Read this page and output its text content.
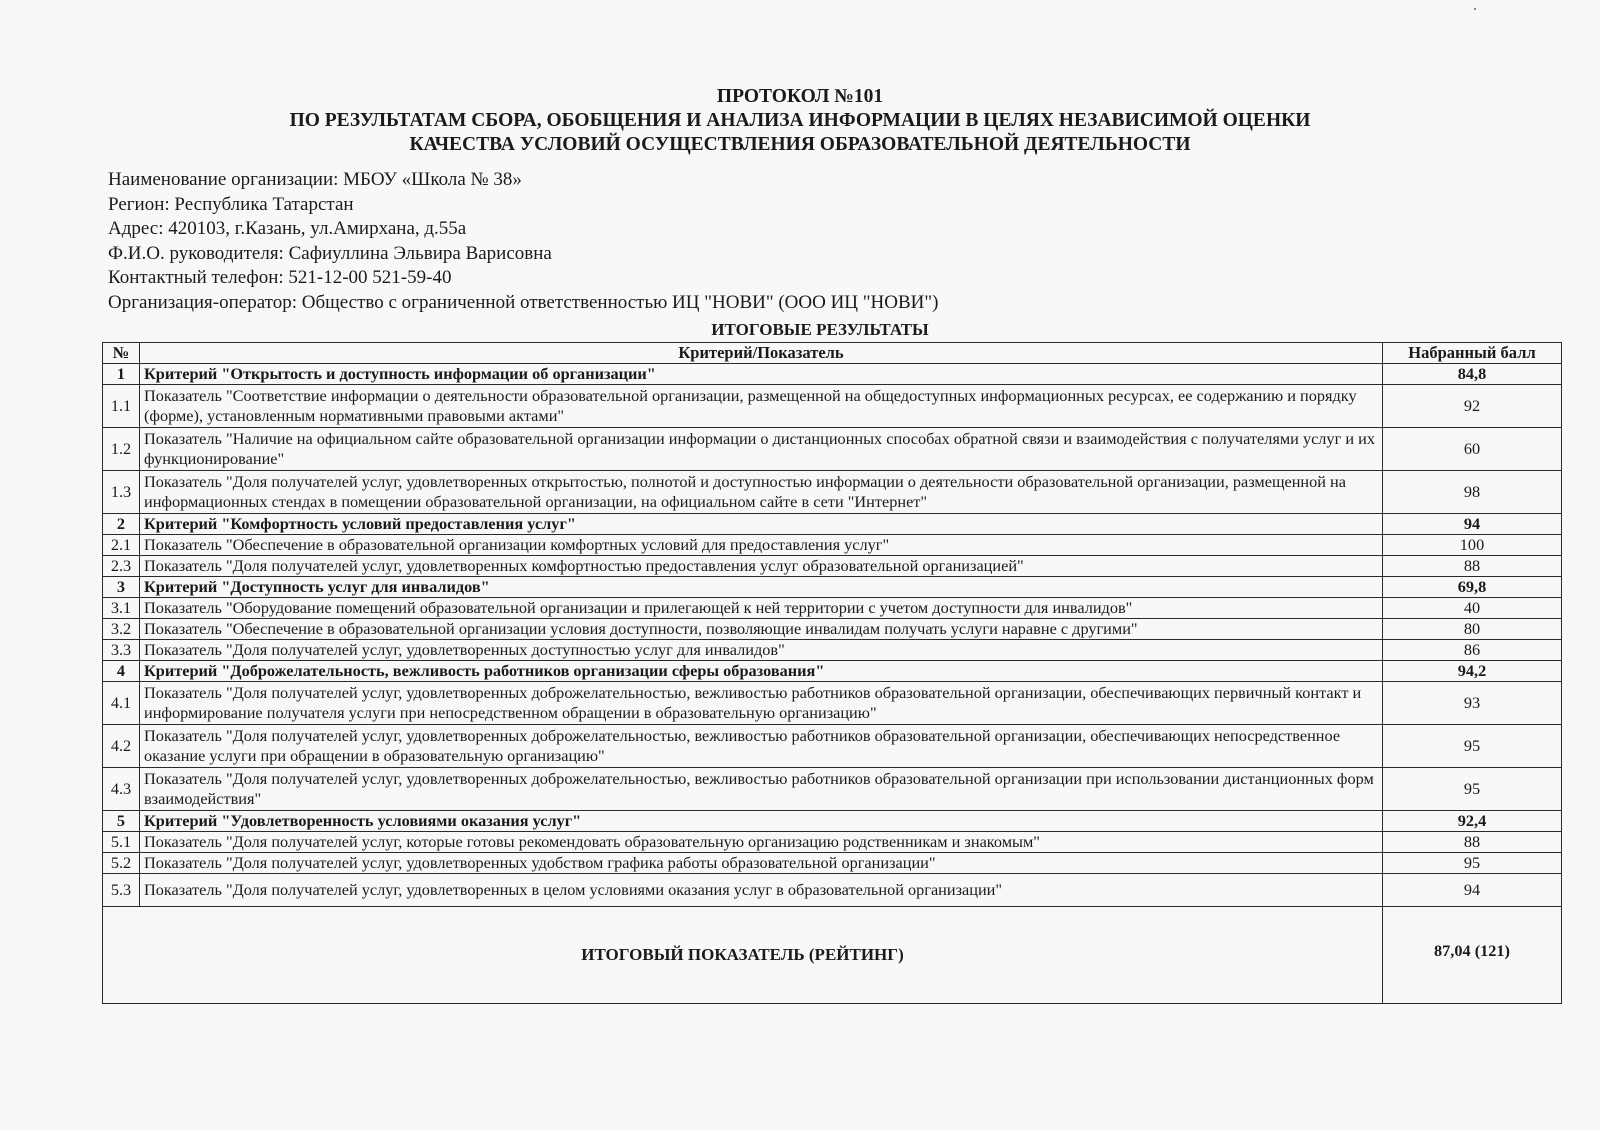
ПРОТОКОЛ №101
ПО РЕЗУЛЬТАТАМ СБОРА, ОБОБЩЕНИЯ И АНАЛИЗА ИНФОРМАЦИИ В ЦЕЛЯХ НЕЗАВИСИМОЙ ОЦЕНКИ
КАЧЕСТВА УСЛОВИЙ ОСУЩЕСТВЛЕНИЯ ОБРАЗОВАТЕЛЬНОЙ ДЕЯТЕЛЬНОСТИ
Наименование организации: МБОУ «Школа № 38»
Регион: Республика Татарстан
Адрес: 420103, г.Казань, ул.Амирхана, д.55а
Ф.И.О. руководителя: Сафиуллина Эльвира Варисовна
Контактный телефон: 521-12-00 521-59-40
Организация-оператор: Общество с ограниченной ответственностью ИЦ "НОВИ" (ООО ИЦ "НОВИ")
ИТОГОВЫЕ РЕЗУЛЬТАТЫ
№	Критерий/Показатель	Набранный балл
1	Критерий "Открытость и доступность информации об организации"	84,8
1.1	Показатель "Соответствие информации о деятельности образовательной организации, размещенной на общедоступных информационных ресурсах, ее содержанию и порядку (форме), установленным нормативными правовыми актами"	92
1.2	Показатель "Наличие на официальном сайте образовательной организации информации о дистанционных способах обратной связи и взаимодействия с получателями услуг и их функционирование"	60
1.3	Показатель "Доля получателей услуг, удовлетворенных открытостью, полнотой и доступностью информации о деятельности образовательной организации, размещенной на информационных стендах в помещении образовательной организации, на официальном сайте в сети "Интернет"	98
2	Критерий "Комфортность условий предоставления услуг"	94
2.1	Показатель "Обеспечение в образовательной организации комфортных условий для предоставления услуг"	100
2.3	Показатель "Доля получателей услуг, удовлетворенных комфортностью предоставления услуг образовательной организацией"	88
3	Критерий "Доступность услуг для инвалидов"	69,8
3.1	Показатель "Оборудование помещений образовательной организации и прилегающей к ней территории с учетом доступности для инвалидов"	40
3.2	Показатель "Обеспечение в образовательной организации условия доступности, позволяющие инвалидам получать услуги наравне с другими"	80
3.3	Показатель "Доля получателей услуг, удовлетворенных доступностью услуг для инвалидов"	86
4	Критерий "Доброжелательность, вежливость работников организации сферы образования"	94,2
4.1	Показатель "Доля получателей услуг, удовлетворенных доброжелательностью, вежливостью работников образовательной организации, обеспечивающих первичный контакт и информирование получателя услуги при непосредственном обращении в образовательную организацию"	93
4.2	Показатель "Доля получателей услуг, удовлетворенных доброжелательностью, вежливостью работников образовательной организации, обеспечивающих непосредственное оказание услуги при обращении в образовательную организацию"	95
4.3	Показатель "Доля получателей услуг, удовлетворенных доброжелательностью, вежливостью работников образовательной организации при использовании дистанционных форм взаимодействия"	95
5	Критерий "Удовлетворенность условиями оказания услуг"	92,4
5.1	Показатель "Доля получателей услуг, которые готовы рекомендовать образовательную организацию родственникам и знакомым"	88
5.2	Показатель "Доля получателей услуг, удовлетворенных удобством графика работы образовательной организации"	95
5.3	Показатель "Доля получателей услуг, удовлетворенных в целом условиями оказания услуг в образовательной организации"	94
ИТОГОВЫЙ ПОКАЗАТЕЛЬ (РЕЙТИНГ)		87,04 (121)
